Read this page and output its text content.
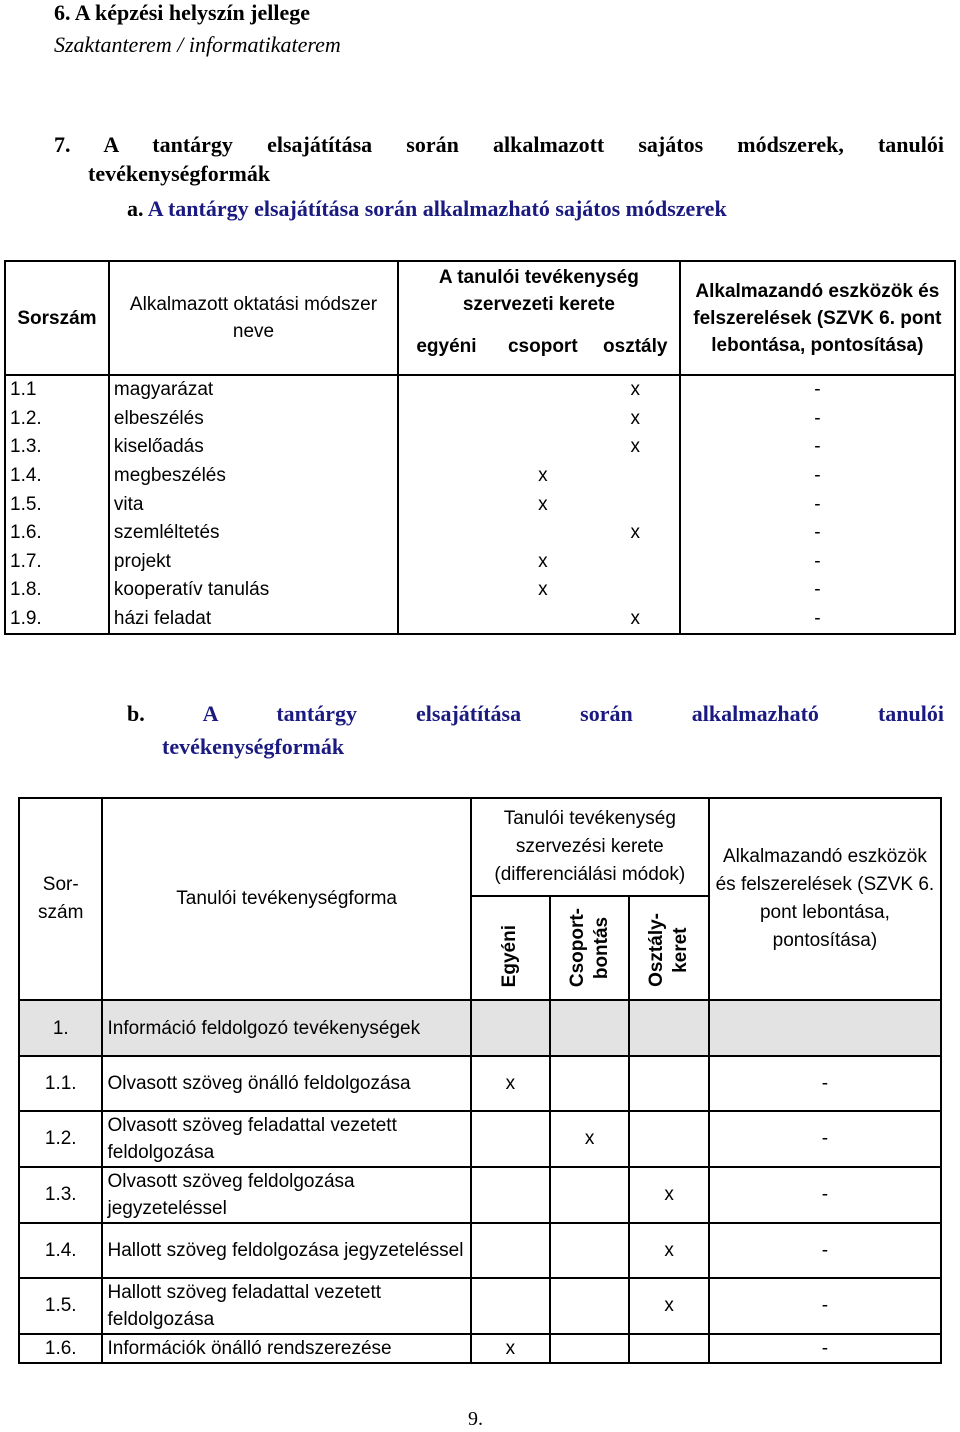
6. A képzési helyszín jellege
Szaktanterem / informatikaterem
7. A tantárgy elsajátítása során alkalmazott sajátos módszerek, tanulói
tevékenységformák
a. A tantárgy elsajátítása során alkalmazható sajátos módszerek
Sorszám	Alkalmazott oktatási módszer neve	A tanulói tevékenység szervezeti kerete			Alkalmazandó eszközök és felszerelések (SZVK 6. pont lebontása, pontosítása)
		egyéni	csoport	osztály	
1.1	magyarázat			x	-
1.2.	elbeszélés			x	-
1.3.	kiselőadás			x	-
1.4.	megbeszélés		x		-
1.5.	vita		x		-
1.6.	szemléltetés			x	-
1.7.	projekt		x		-
1.8.	kooperatív tanulás		x		-
1.9.	házi feladat			x	-
b.	A tantárgy elsajátítása során alkalmazható tanulói
tevékenységformák
Sor-
szám	Tanulói tevékenységforma	Tanulói tevékenység szervezési kerete (differenciálási módok)			Alkalmazandó eszközök és felszerelések (SZVK 6. pont lebontása, pontosítása)
		Egyéni	Csoport-
bontás	Osztály-
keret	
1.	Információ feldolgozó tevékenységek				
1.1.	Olvasott szöveg önálló feldolgozása	x			-
1.2.	Olvasott szöveg feladattal vezetett feldolgozása		x		-
1.3.	Olvasott szöveg feldolgozása jegyzeteléssel			x	-
1.4.	Hallott szöveg feldolgozása jegyzeteléssel			x	-
1.5.	Hallott szöveg feladattal vezetett feldolgozása			x	-
1.6.	Információk önálló rendszerezése	x			-
9.
